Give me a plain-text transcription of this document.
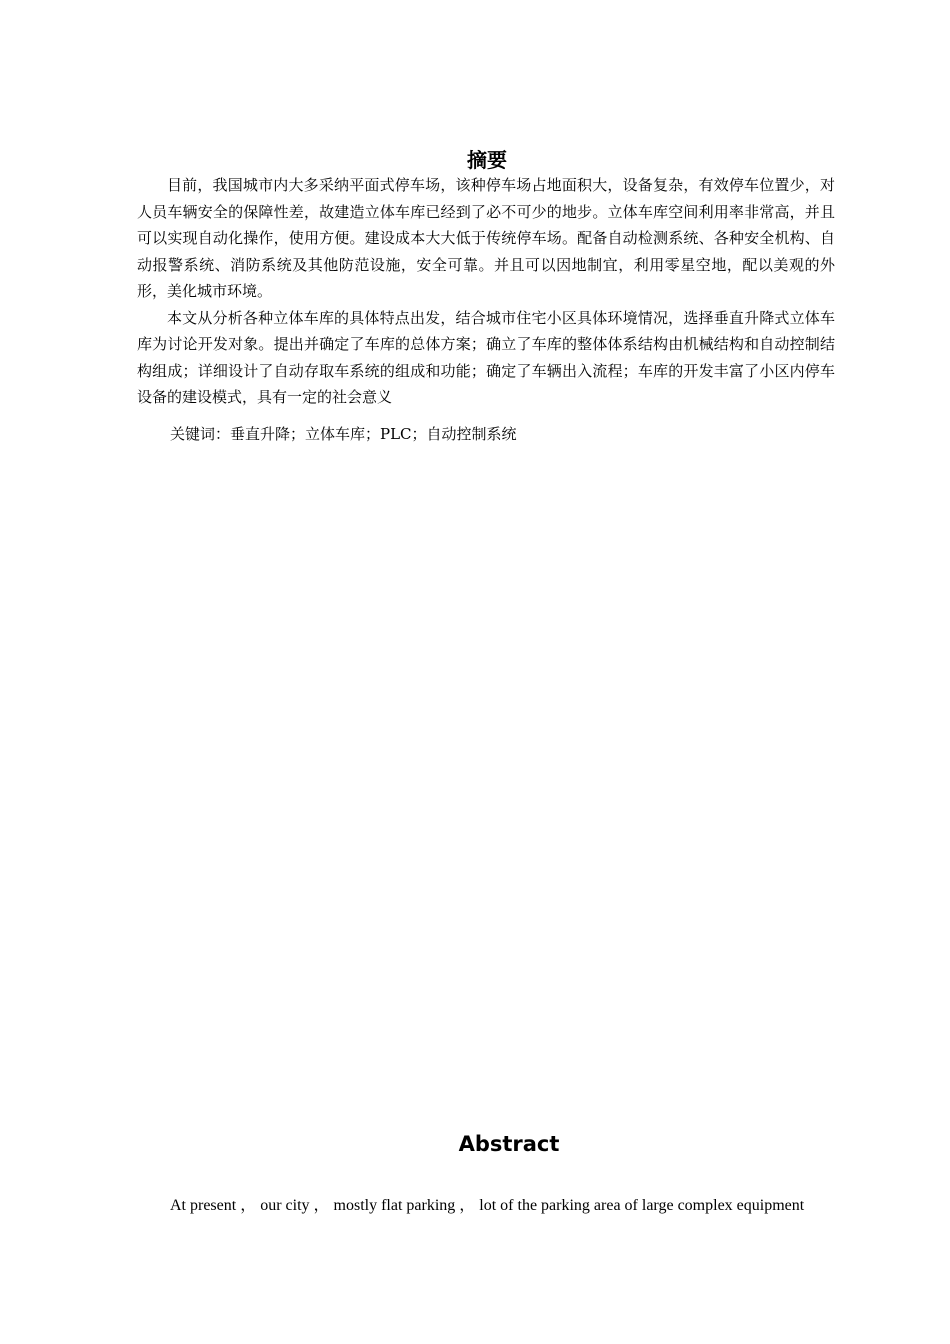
摘要

目前，我国城市内大多采纳平面式停车场，该种停车场占地面积大，设备复杂，有效停车位置少，对人员车辆安全的保障性差，故建造立体车库已经到了必不可少的地步。立体车库空间利用率非常高，并且可以实现自动化操作，使用方便。建设成本大大低于传统停车场。配备自动检测系统、各种安全机构、自动报警系统、消防系统及其他防范设施，安全可靠。并且可以因地制宜，利用零星空地，配以美观的外形，美化城市环境。

本文从分析各种立体车库的具体特点出发，结合城市住宅小区具体环境情况，选择垂直升降式立体车库为讨论开发对象。提出并确定了车库的总体方案；确立了车库的整体体系结构由机械结构和自动控制结构组成；详细设计了自动存取车系统的组成和功能；确定了车辆出入流程；车库的开发丰富了小区内停车设备的建设模式，具有一定的社会意义

关键词：垂直升降；立体车库；PLC；自动控制系统
Abstract
At present ， our city ， mostly flat parking ， lot of the parking area of large complex equipment
